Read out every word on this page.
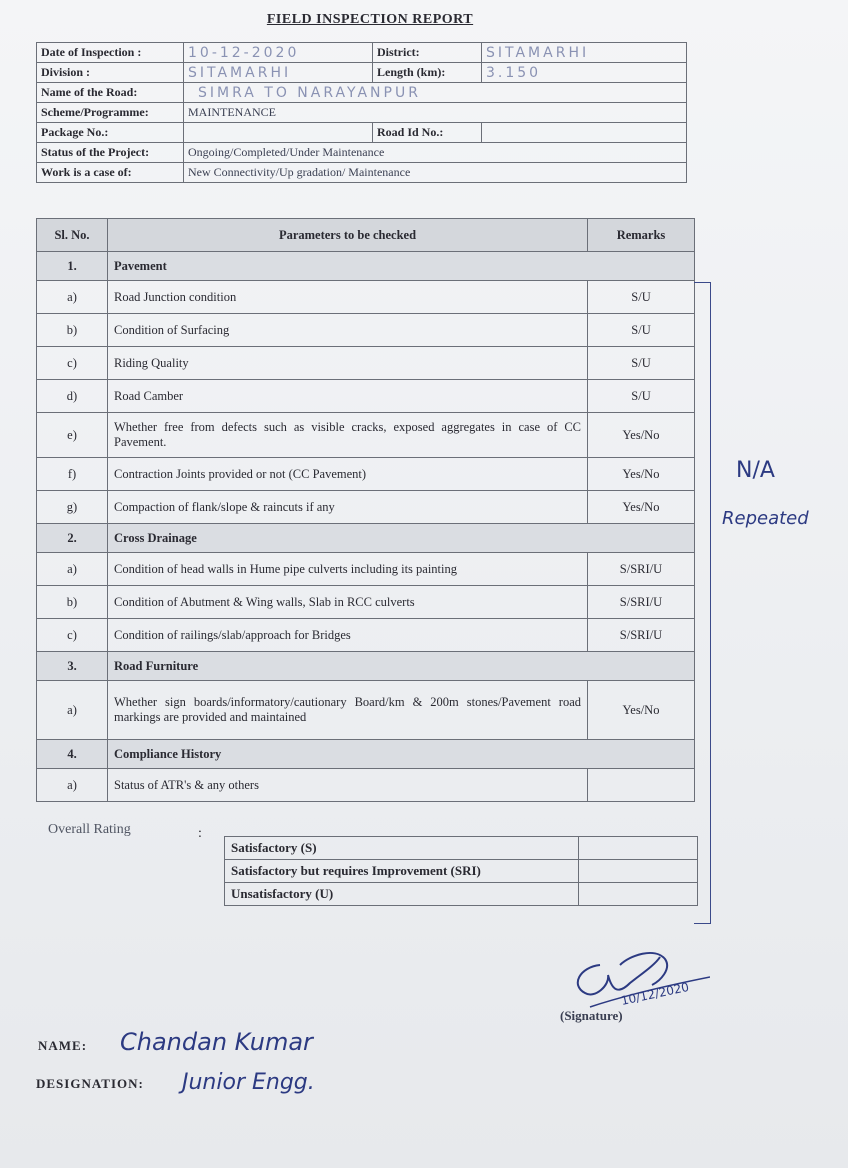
FIELD INSPECTION REPORT
Date of Inspection :	10-12-2020	District:	SITAMARHI
Division :	SITAMARHI	Length (km):	3.150
Name of the Road:	SIMRA TO NARAYANPUR		
Scheme/Programme:	MAINTENANCE		
Package No.:		Road Id No.:	
Status of the Project:	Ongoing/Completed/Under Maintenance		
Work is a case of:	New Connectivity/Up gradation/ Maintenance		
Sl. No.	Parameters to be checked	Remarks
1.	Pavement	
a)	Road Junction condition	S/U
b)	Condition of Surfacing	S/U
c)	Riding Quality	S/U
d)	Road Camber	S/U
e)	Whether free from defects such as visible cracks, exposed aggregates in case of CC Pavement.	Yes/No
f)	Contraction Joints provided or not (CC Pavement)	Yes/No
g)	Compaction of flank/slope & raincuts if any	Yes/No
2.	Cross Drainage	
a)	Condition of head walls in Hume pipe culverts including its painting	S/SRI/U
b)	Condition of Abutment & Wing walls, Slab in RCC culverts	S/SRI/U
c)	Condition of railings/slab/approach for Bridges	S/SRI/U
3.	Road Furniture	
a)	Whether sign boards/informatory/cautionary Board/km & 200m stones/Pavement road markings are provided and maintained	Yes/No
4.	Compliance History	
a)	Status of ATR's & any others	
Overall Rating	:
Satisfactory (S)	
Satisfactory but requires Improvement (SRI)	
Unsatisfactory (U)	
N/A
Repeated
10/12/2020
(Signature)
NAME: Chandan Kumar
DESIGNATION: Junior Engg.
